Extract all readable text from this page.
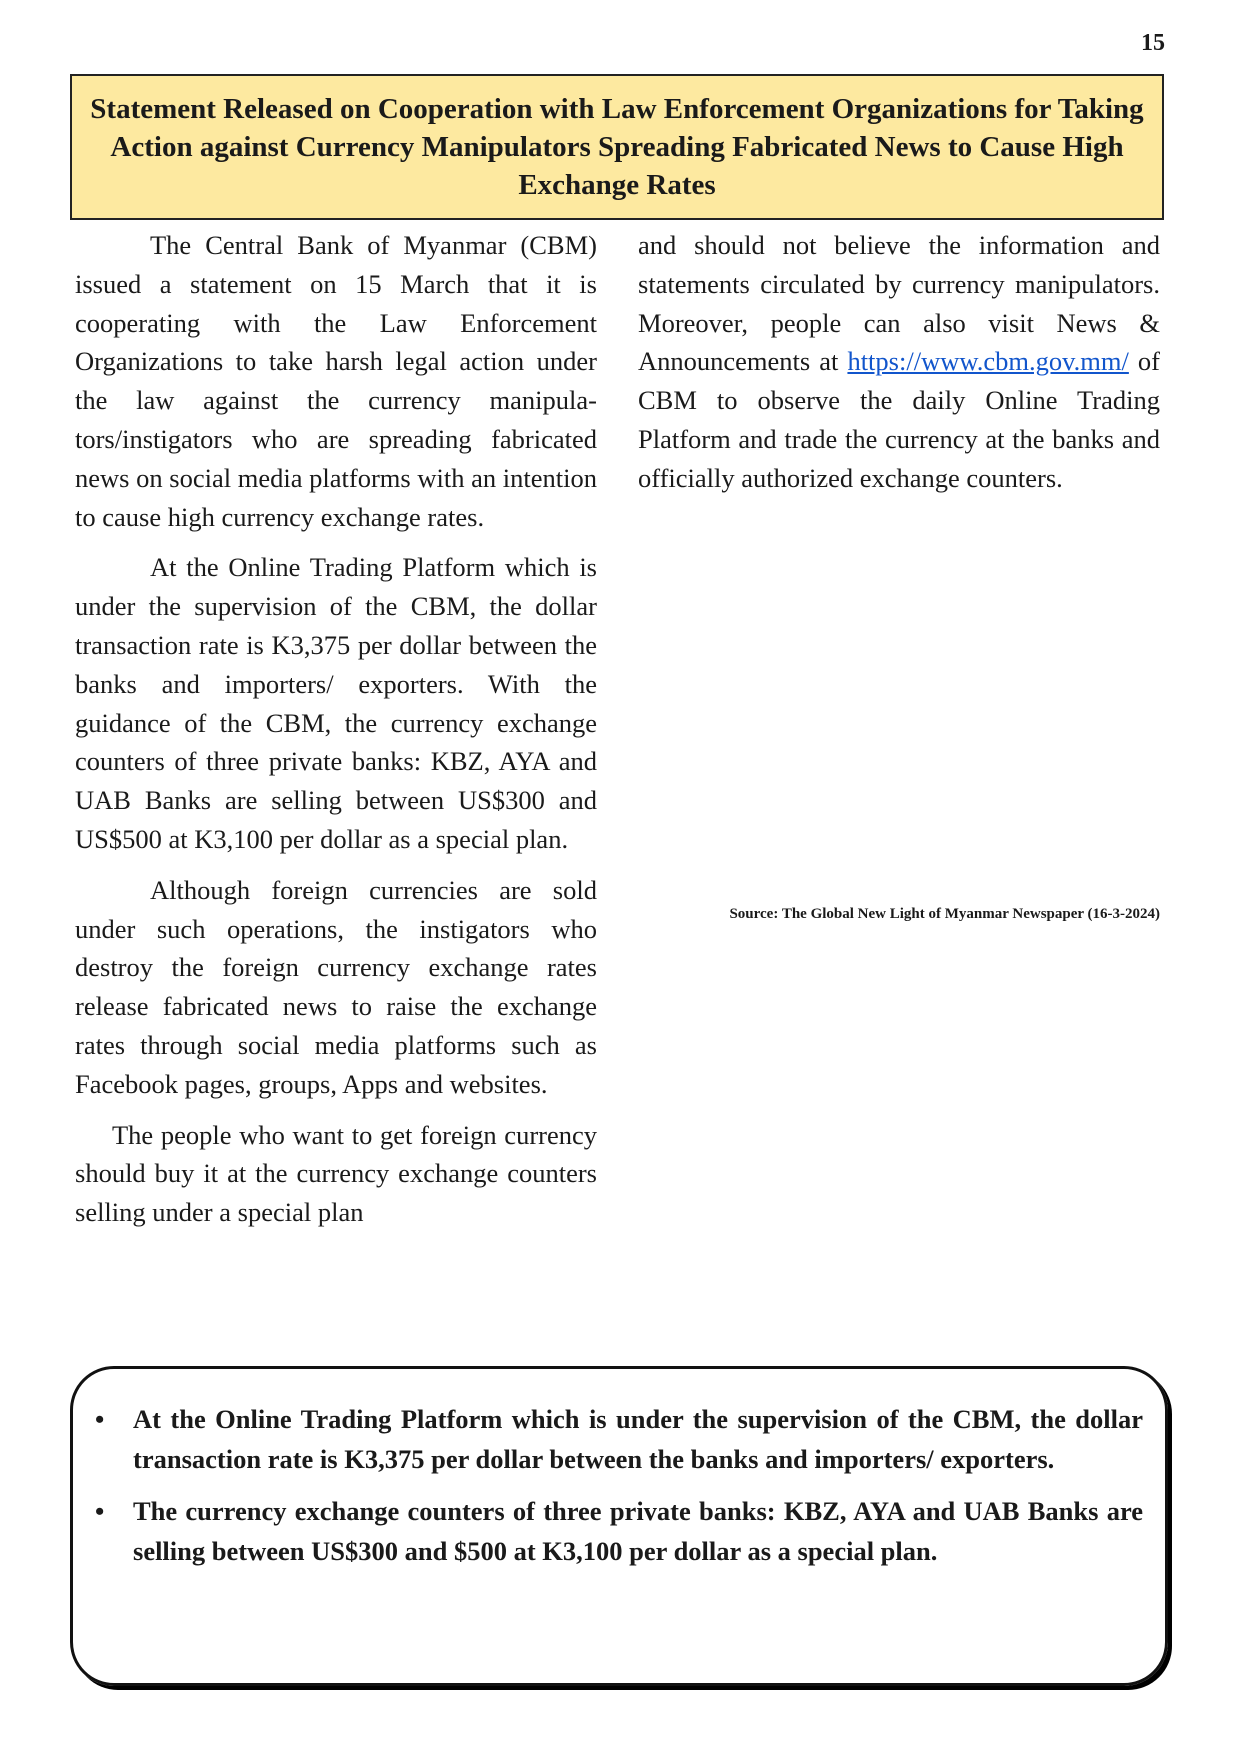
15
Statement Released on Cooperation with Law Enforcement Organizations for Taking Action against Currency Manipulators Spreading Fabricated News to Cause High Exchange Rates

The Central Bank of Myanmar (CBM) issued a statement on 15 March that it is cooperating with the Law Enforcement Organizations to take harsh legal action under the law against the currency manipulators/instigators who are spreading fabricated news on social media platforms with an intention to cause high currency exchange rates.

At the Online Trading Platform which is under the supervision of the CBM, the dollar transaction rate is K3,375 per dollar between the banks and importers/ exporters. With the guidance of the CBM, the currency exchange counters of three private banks: KBZ, AYA and UAB Banks are selling between US$300 and US$500 at K3,100 per dollar as a special plan.

Although foreign currencies are sold under such operations, the instigators who destroy the foreign currency exchange rates release fabricated news to raise the exchange rates through social media platforms such as Facebook pages, groups, Apps and websites.

The people who want to get foreign currency should buy it at the currency exchange counters selling under a special plan

and should not believe the information and statements circulated by currency manipulators. Moreover, people can also visit News & Announcements at https://www.cbm.gov.mm/ of CBM to observe the daily Online Trading Platform and trade the currency at the banks and officially authorized exchange counters.

Source: The Global New Light of Myanmar Newspaper (16-3-2024)
• At the Online Trading Platform which is under the supervision of the CBM, the dollar transaction rate is K3,375 per dollar between the banks and importers/ exporters.
• The currency exchange counters of three private banks: KBZ, AYA and UAB Banks are selling between US$300 and $500 at K3,100 per dollar as a special plan.
